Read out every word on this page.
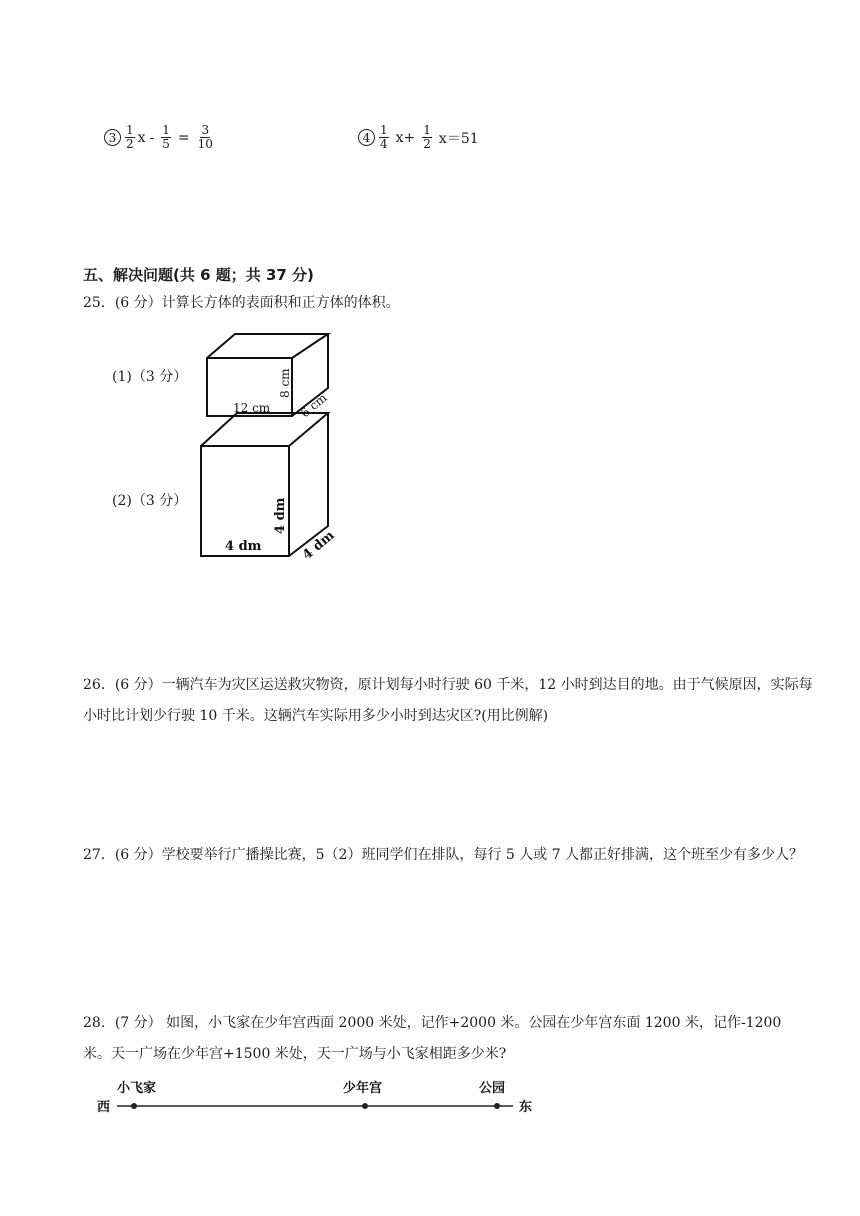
$3 \frac{1}{2}$ $x - \frac{1}{5} = \frac{3}{10}$	$4 \frac{1}{4} x+ \frac{1}{2} x=51$
五、解决问题(共 6 题；共 37 分)
25．(6 分）计算长方体的表面积和正方体的体积。
(1)（3 分）
(2)（3 分）
12 cm
8 cm
6 cm
4 dm
4 dm
4 dm
26．(6 分）一辆汽车为灾区运送救灾物资，原计划每小时行驶 60 千米，12 小时到达目的地。由于气候原因，实际每小时比计划少行驶 10 千米。这辆汽车实际用多少小时到达灾区?(用比例解)
27．(6 分）学校要举行广播操比赛，5（2）班同学们在排队，每行 5 人或 7 人都正好排满，这个班至少有多少人？
28．(7 分） 如图，小飞家在少年宫西面 2000 米处，记作+2000 米。公园在少年宫东面 1200 米，记作-1200 米。天一广场在少年宫+1500 米处，天一广场与小飞家相距多少米?
西	东
小飞家	少年宫	公园
